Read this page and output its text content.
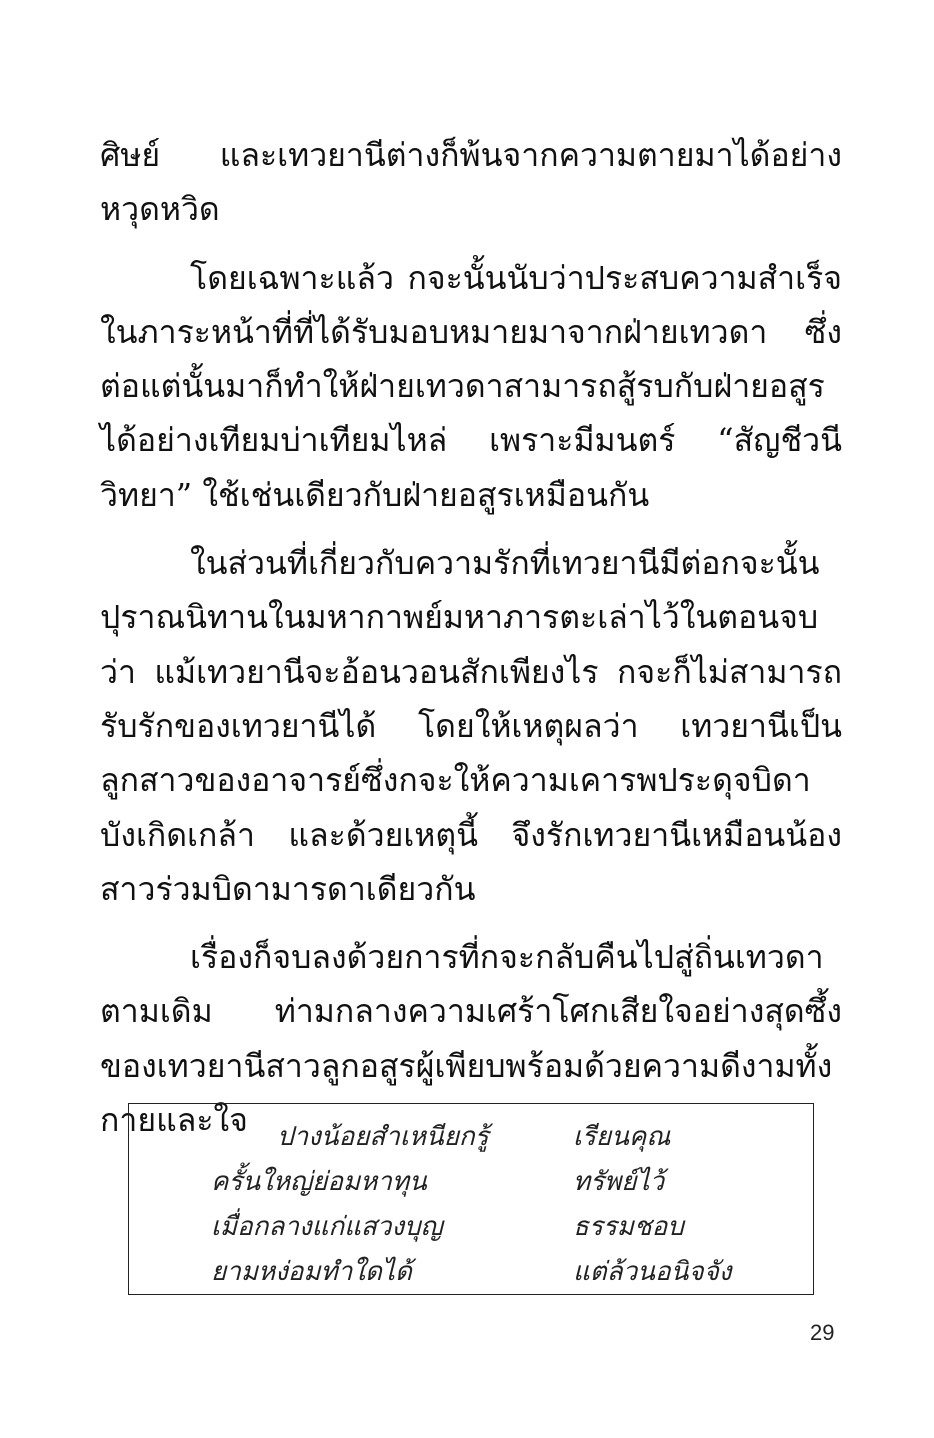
ศิษย์ และเทวยานีต่างก็พ้นจากความตายมาได้อย่างหวุดหวิด

โดยเฉพาะแล้ว กจะนั้นนับว่าประสบความสำเร็จในภาระหน้าที่ที่ได้รับมอบหมายมาจากฝ่ายเทวดา ซึ่งต่อแต่นั้นมาก็ทำให้ฝ่ายเทวดาสามารถสู้รบกับฝ่ายอสูรได้อย่างเทียมบ่าเทียมไหล่ เพราะมีมนตร์ “สัญชีวนีวิทยา” ใช้เช่นเดียวกับฝ่ายอสูรเหมือนกัน

ในส่วนที่เกี่ยวกับความรักที่เทวยานีมีต่อกจะนั้น ปุราณนิทานในมหากาพย์มหาภารตะเล่าไว้ในตอนจบว่า แม้เทวยานีจะอ้อนวอนสักเพียงไร กจะก็ไม่สามารถรับรักของเทวยานีได้ โดยให้เหตุผลว่า เทวยานีเป็นลูกสาวของอาจารย์ซึ่งกจะให้ความเคารพประดุจบิดาบังเกิดเกล้า และด้วยเหตุนี้ จึงรักเทวยานีเหมือนน้องสาวร่วมบิดามารดาเดียวกัน

เรื่องก็จบลงด้วยการที่กจะกลับคืนไปสู่ถิ่นเทวดาตามเดิม ท่ามกลางความเศร้าโศกเสียใจอย่างสุดซึ้งของเทวยานีสาวลูกอสูรผู้เพียบพร้อมด้วยความดีงามทั้งกายและใจ	ปางน้อยสำเหนียกรู้	เรียนคุณ
ครั้นใหญ่ย่อมหาทุน	ทรัพย์ไว้
เมื่อกลางแก่แสวงบุญ	ธรรมชอบ
ยามหง่อมทำใดได้	แต่ล้วนอนิจจัง
29
